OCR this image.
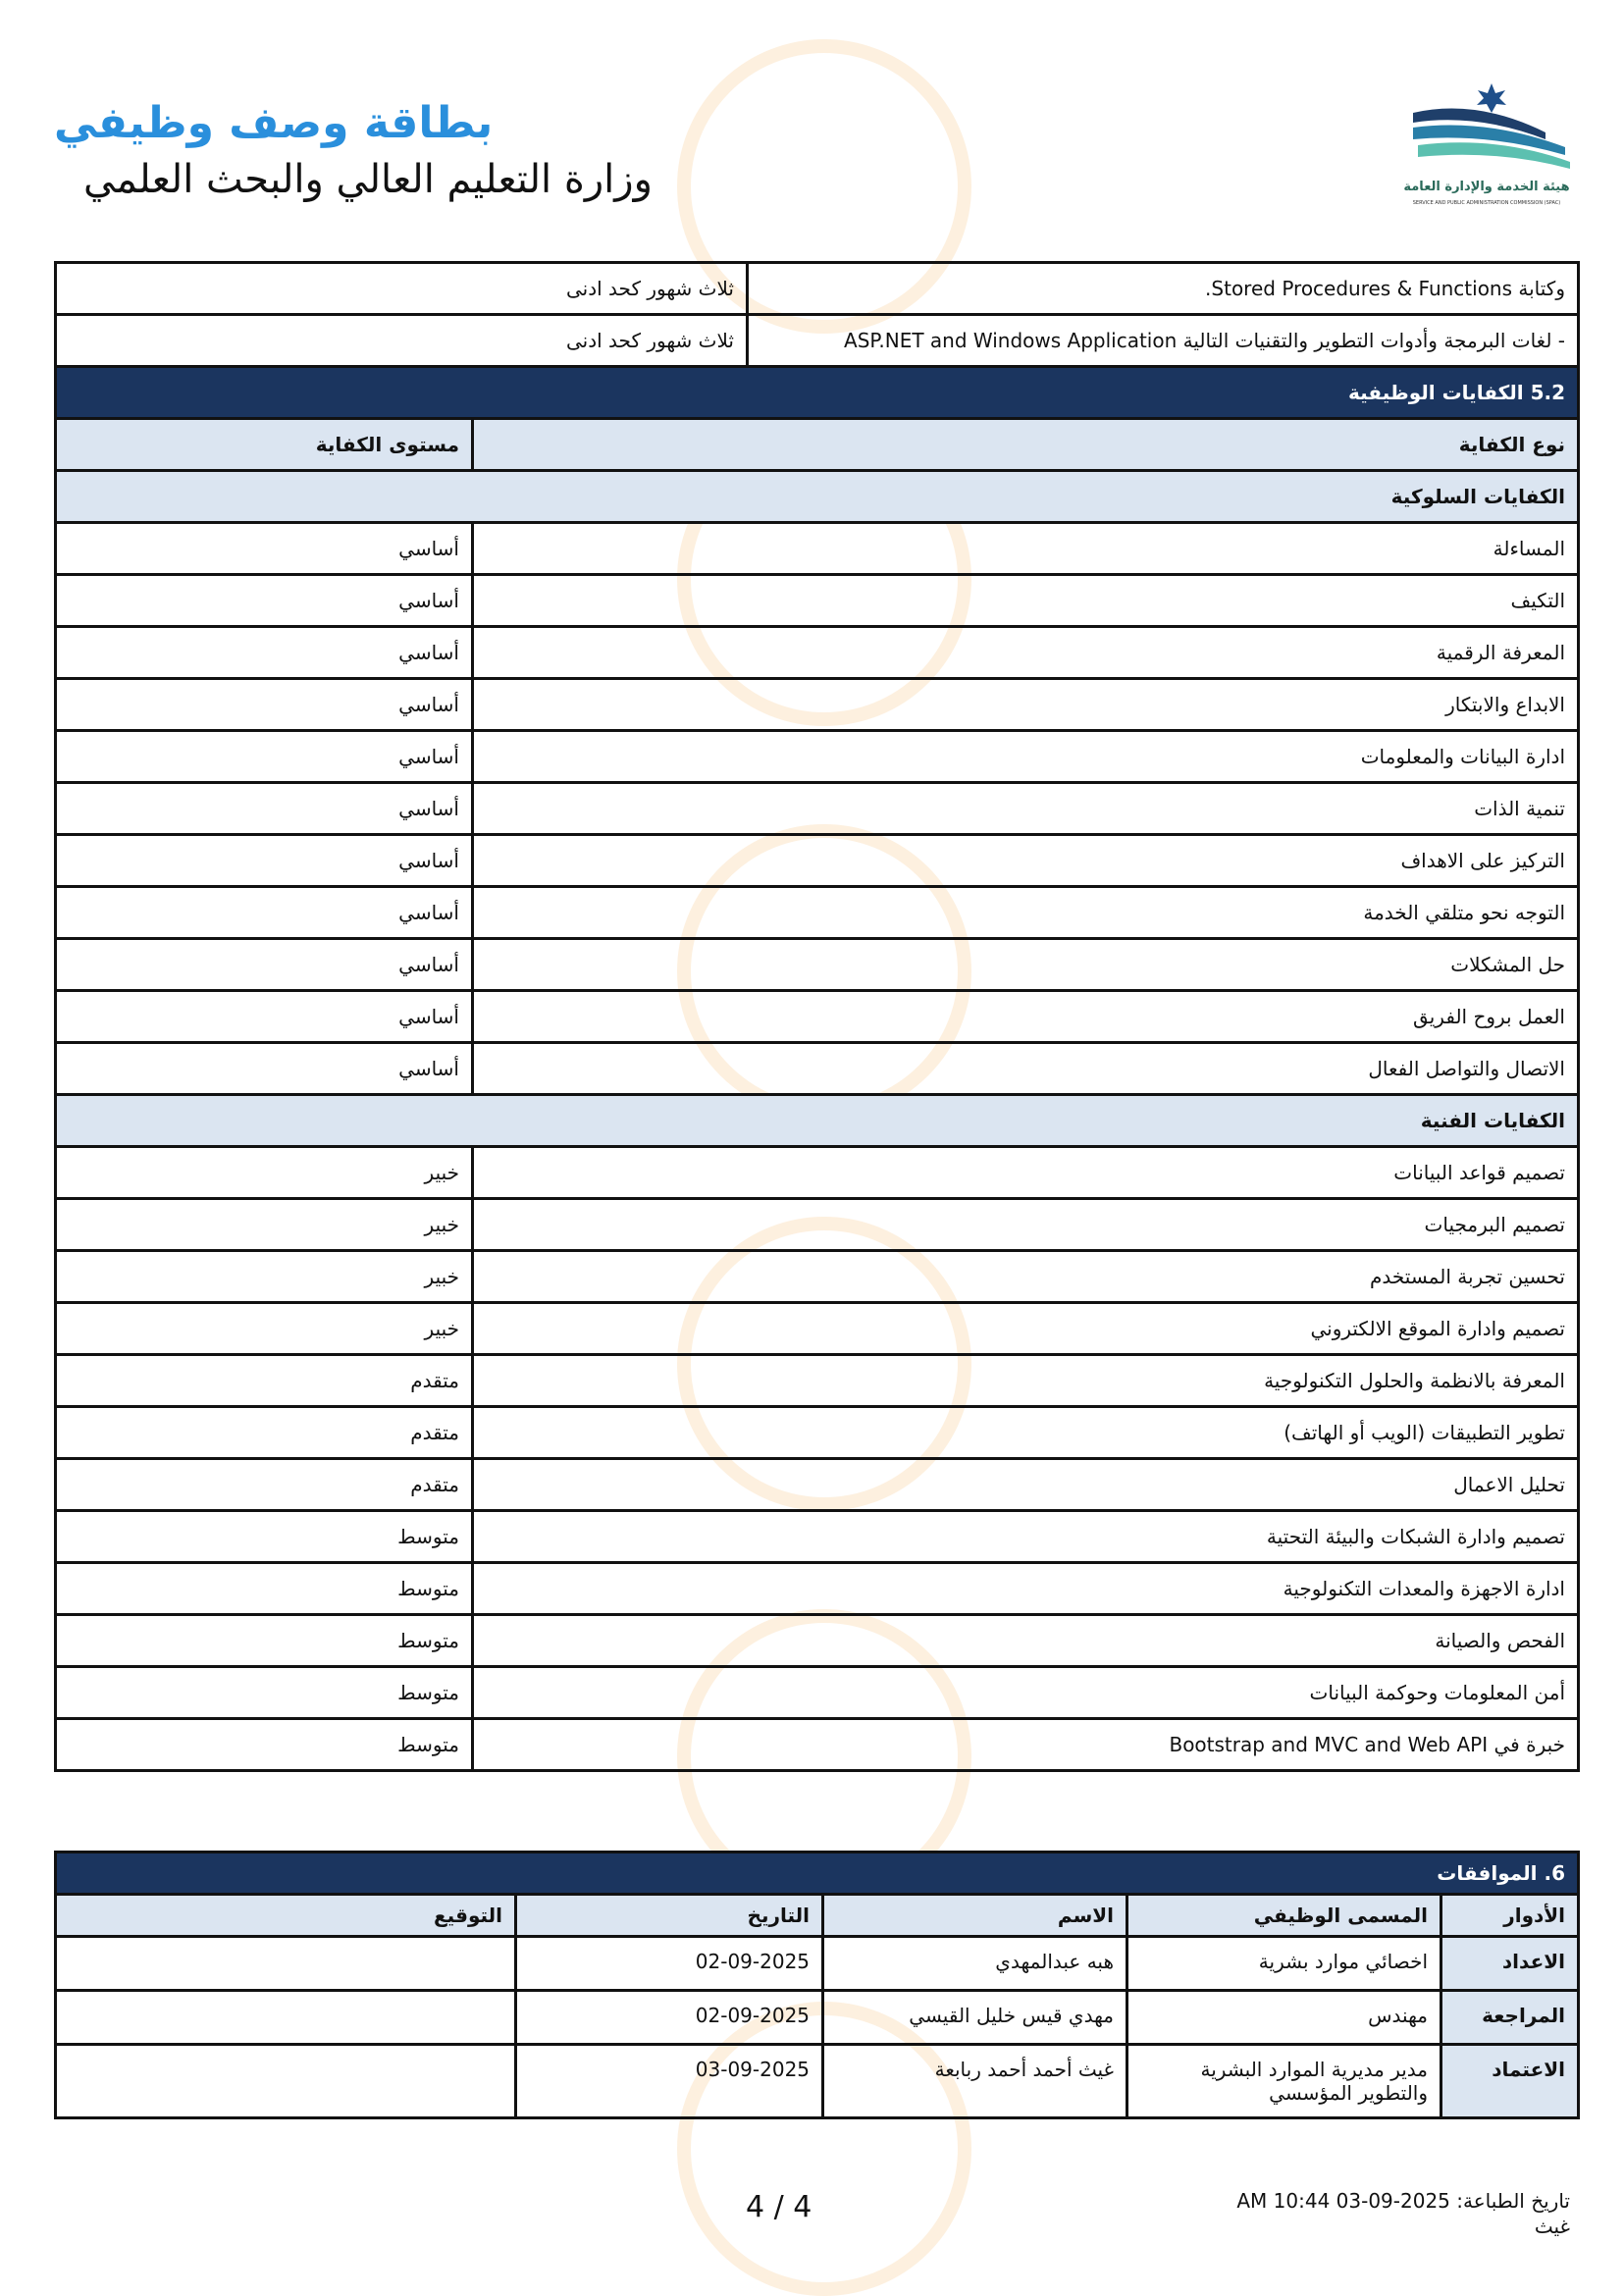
بطاقة وصف وظيفي
وزارة التعليم العالي والبحث العلمي	هيئة الخدمة والإدارة العامة
SERVICE AND PUBLIC ADMINISTRATION COMMISSION (SPAC)
وكتابة Stored Procedures & Functions.	ثلاث شهور كحد ادنى	
- لغات البرمجة وأدوات التطوير والتقنيات التالية ASP.NET and Windows Application	ثلاث شهور كحد ادنى	
5.2 الكفايات الوظيفية		
نوع الكفاية		مستوى الكفاية
الكفايات السلوكية		
المساءلة		أساسي
التكيف		أساسي
المعرفة الرقمية		أساسي
الابداع والابتكار		أساسي
ادارة البيانات والمعلومات		أساسي
تنمية الذات		أساسي
التركيز على الاهداف		أساسي
التوجه نحو متلقي الخدمة		أساسي
حل المشكلات		أساسي
العمل بروح الفريق		أساسي
الاتصال والتواصل الفعال		أساسي
الكفايات الفنية		
تصميم قواعد البيانات		خبير
تصميم البرمجيات		خبير
تحسين تجربة المستخدم		خبير
تصميم وادارة الموقع الالكتروني		خبير
المعرفة بالانظمة والحلول التكنولوجية		متقدم
تطوير التطبيقات (الويب أو الهاتف)		متقدم
تحليل الاعمال		متقدم
تصميم وادارة الشبكات والبيئة التحتية		متوسط
ادارة الاجهزة والمعدات التكنولوجية		متوسط
الفحص والصيانة		متوسط
أمن المعلومات وحوكمة البيانات		متوسط
خبرة في Bootstrap and MVC and Web API		متوسط
6. الموافقات				
الأدوار	المسمى الوظيفي	الاسم	التاريخ	التوقيع
الاعداد	اخصائي موارد بشرية	هبه عبدالمهدي	02-09-2025	
المراجعة	مهندس	مهدي قيس خليل القيسي	02-09-2025	
الاعتماد	مدير مديرية الموارد البشرية والتطوير المؤسسي	غيث أحمد أحمد ربابعة	03-09-2025	
4 / 4	تاريخ الطباعة: 2025-09-03 10:44 AM
غيث
